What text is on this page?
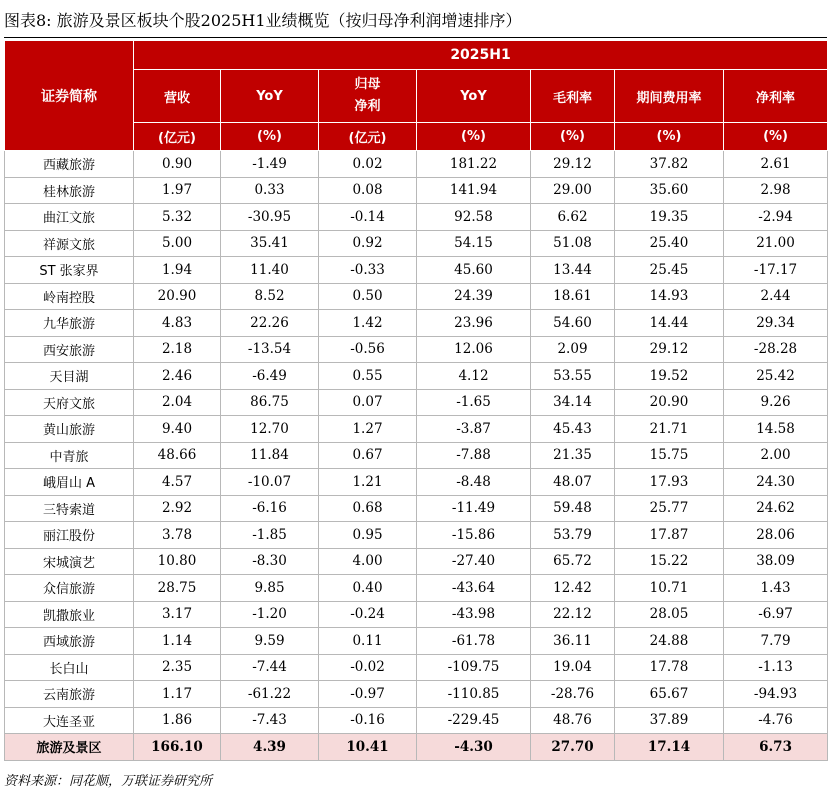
图表8: 旅游及景区板块个股2025H1业绩概览（按归母净利润增速排序）
证券简称	2025H1						
	营收	YoY	归母
净利	YoY	毛利率	期间费用率	净利率
	(亿元)	(%)	(亿元)	(%)	(%)	(%)	(%)
西藏旅游	0.90	-1.49	0.02	181.22	29.12	37.82	2.61
桂林旅游	1.97	0.33	0.08	141.94	29.00	35.60	2.98
曲江文旅	5.32	-30.95	-0.14	92.58	6.62	19.35	-2.94
祥源文旅	5.00	35.41	0.92	54.15	51.08	25.40	21.00
ST 张家界	1.94	11.40	-0.33	45.60	13.44	25.45	-17.17
岭南控股	20.90	8.52	0.50	24.39	18.61	14.93	2.44
九华旅游	4.83	22.26	1.42	23.96	54.60	14.44	29.34
西安旅游	2.18	-13.54	-0.56	12.06	2.09	29.12	-28.28
天目湖	2.46	-6.49	0.55	4.12	53.55	19.52	25.42
天府文旅	2.04	86.75	0.07	-1.65	34.14	20.90	9.26
黄山旅游	9.40	12.70	1.27	-3.87	45.43	21.71	14.58
中青旅	48.66	11.84	0.67	-7.88	21.35	15.75	2.00
峨眉山 A	4.57	-10.07	1.21	-8.48	48.07	17.93	24.30
三特索道	2.92	-6.16	0.68	-11.49	59.48	25.77	24.62
丽江股份	3.78	-1.85	0.95	-15.86	53.79	17.87	28.06
宋城演艺	10.80	-8.30	4.00	-27.40	65.72	15.22	38.09
众信旅游	28.75	9.85	0.40	-43.64	12.42	10.71	1.43
凯撒旅业	3.17	-1.20	-0.24	-43.98	22.12	28.05	-6.97
西域旅游	1.14	9.59	0.11	-61.78	36.11	24.88	7.79
长白山	2.35	-7.44	-0.02	-109.75	19.04	17.78	-1.13
云南旅游	1.17	-61.22	-0.97	-110.85	-28.76	65.67	-94.93
大连圣亚	1.86	-7.43	-0.16	-229.45	48.76	37.89	-4.76
旅游及景区	166.10	4.39	10.41	-4.30	27.70	17.14	6.73
资料来源：同花顺，万联证券研究所
